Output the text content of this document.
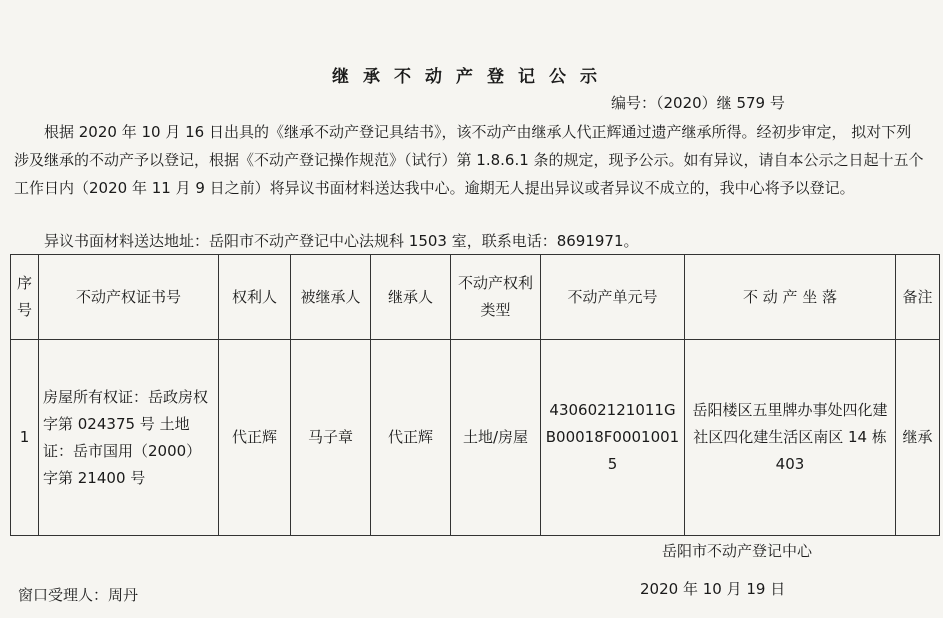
继承不动产登记公示
编号：（2020）继 579 号

根据 2020 年 10 月 16 日出具的《继承不动产登记具结书》，该不动产由继承人代正辉通过遗产继承所得。经初步审定， 拟对下列涉及继承的不动产予以登记，根据《不动产登记操作规范》（试行）第 1.8.6.1 条的规定，现予公示。如有异议，请自本公示之日起十五个工作日内（2020 年 11 月 9 日之前）将异议书面材料送达我中心。逾期无人提出异议或者异议不成立的，我中心将予以登记。

异议书面材料送达地址：岳阳市不动产登记中心法规科 1503 室，联系电话：8691971。
序号	不动产权证书号	权利人	被继承人	继承人	不动产权利类型	不动产单元号	不 动 产 坐 落	备注
1	房屋所有权证：岳政房权字第 024375 号 土地证：岳市国用（2000）字第 21400 号	代正辉	马子章	代正辉	土地/房屋	430602121011GB00018F00010015	岳阳楼区五里牌办事处四化建社区四化建生活区南区 14 栋 403	继承
岳阳市不动产登记中心
2020 年 10 月 19 日
窗口受理人：周丹
